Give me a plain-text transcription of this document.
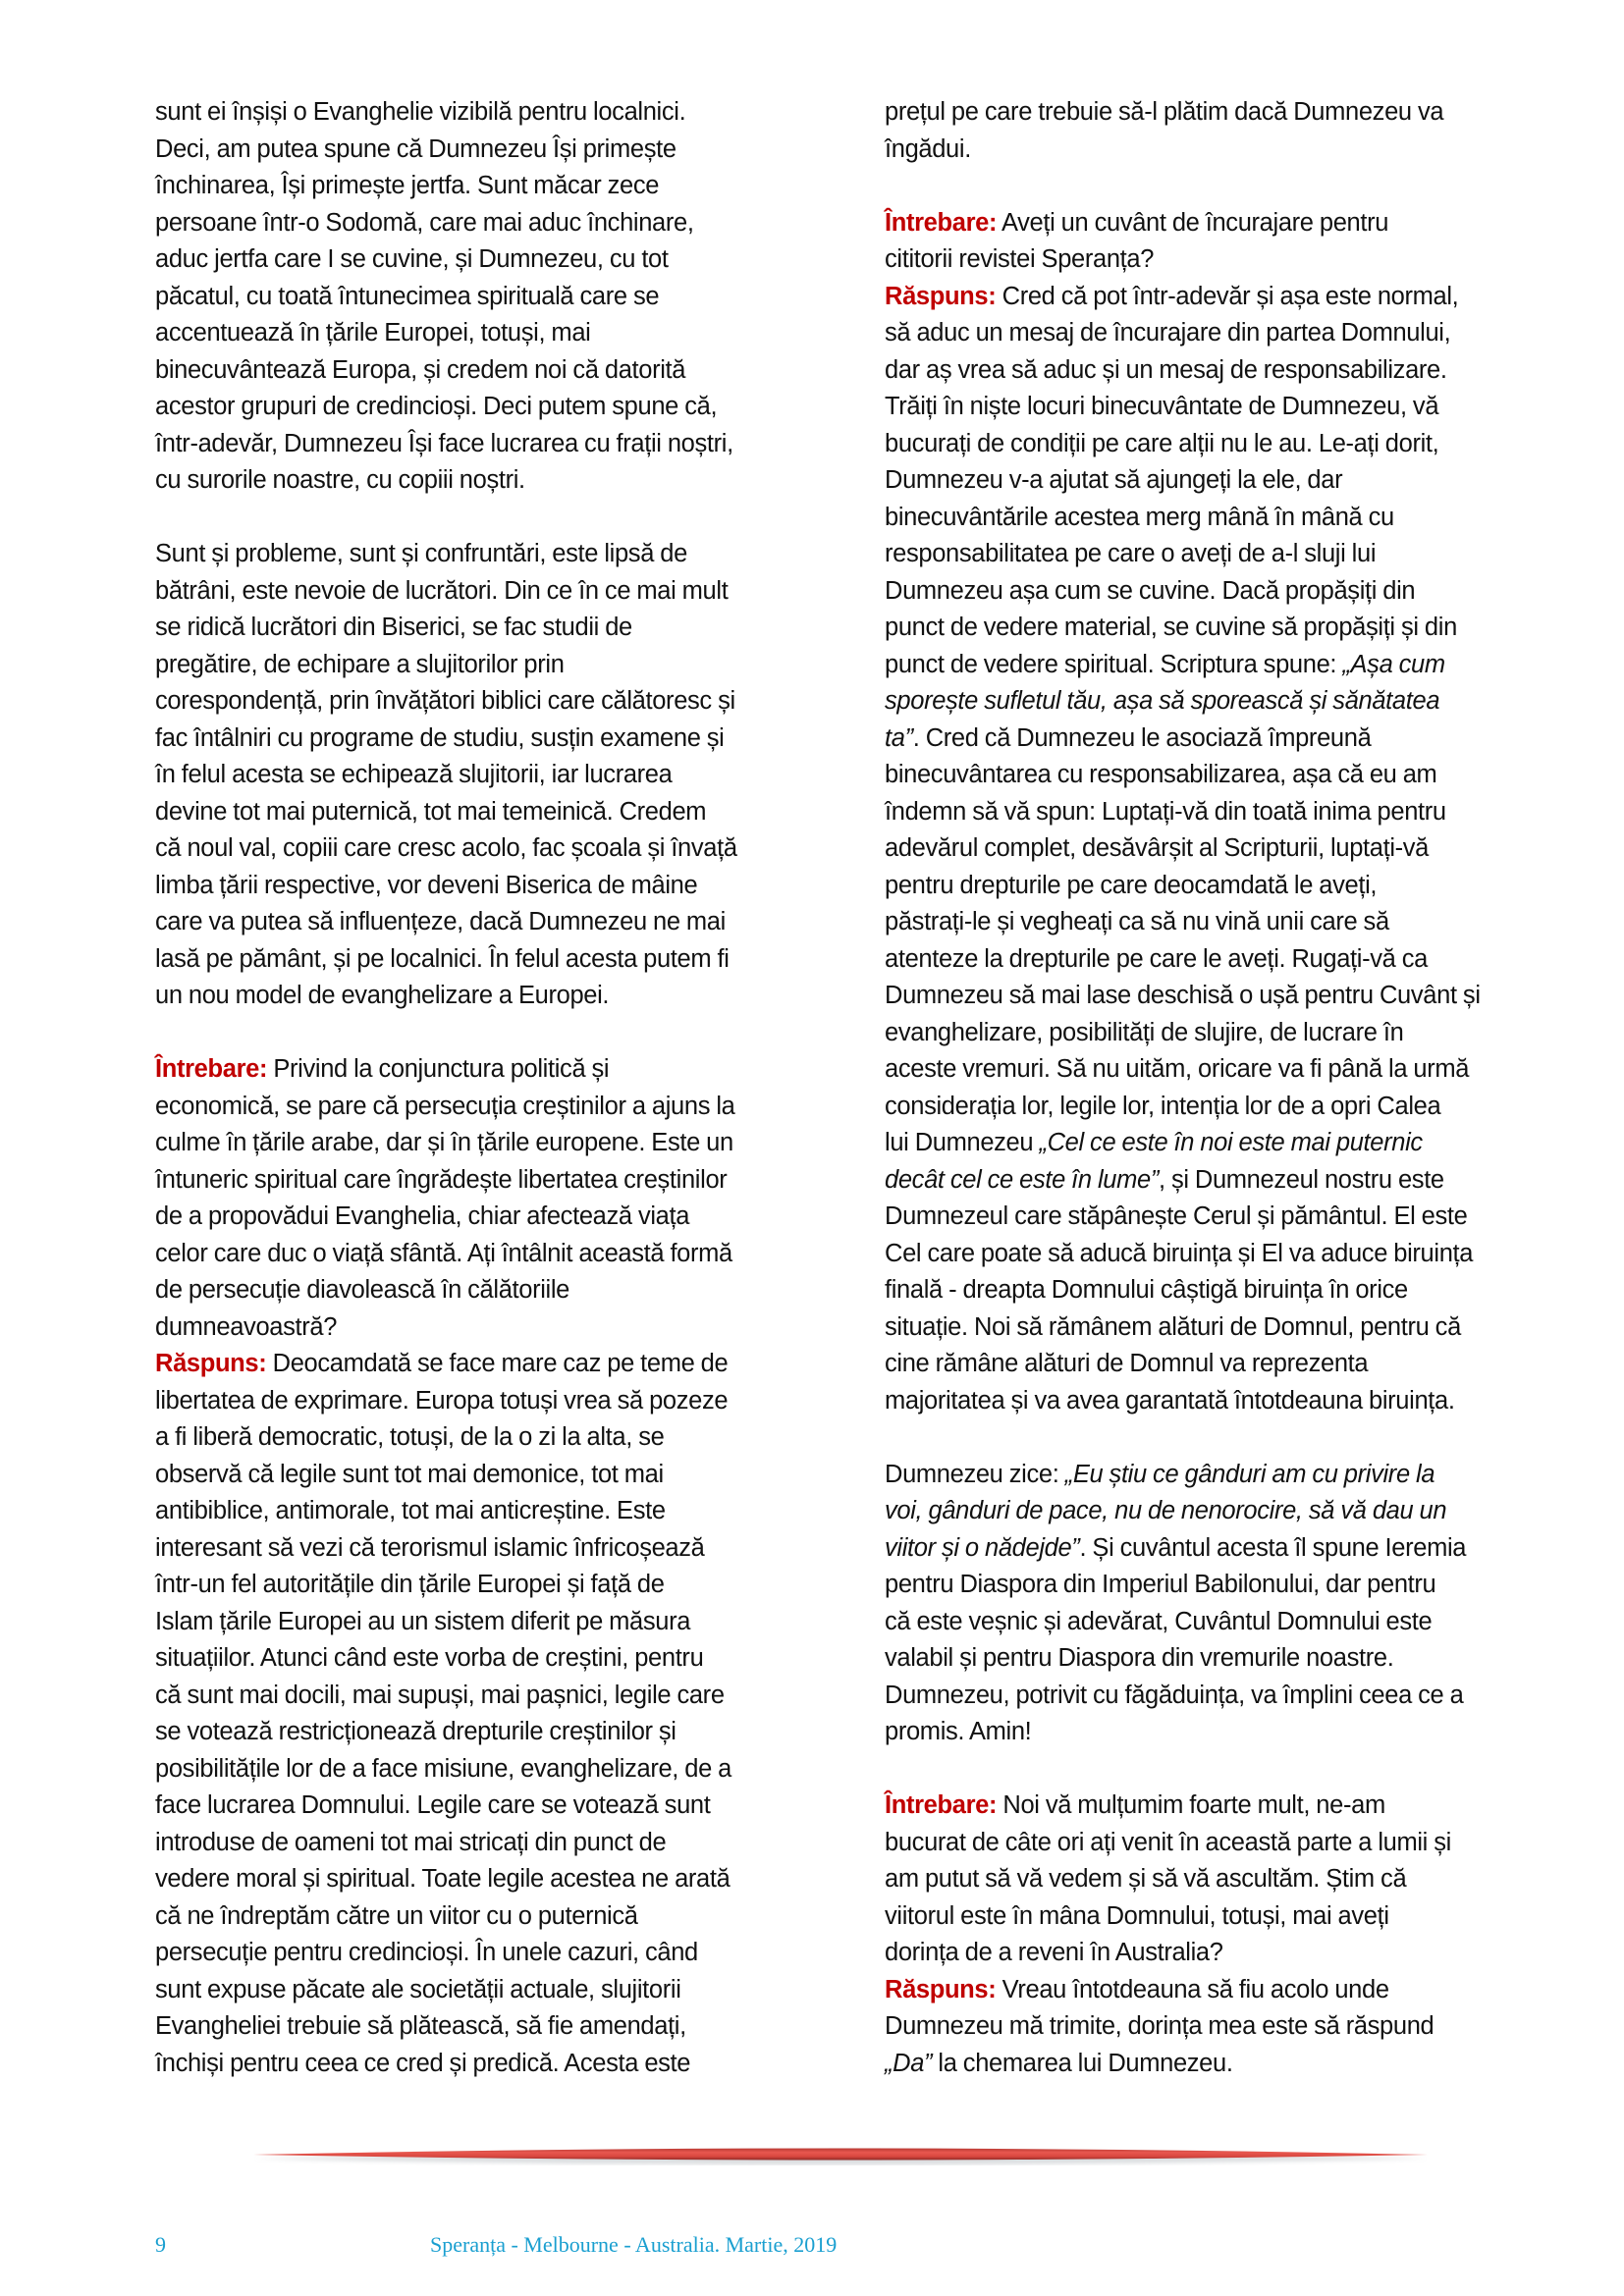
sunt ei înșiși o Evanghelie vizibilă pentru localnici.
Deci, am putea spune că Dumnezeu Își primește
închinarea, Își primește jertfa. Sunt măcar zece
persoane într-o Sodomă, care mai aduc închinare,
aduc jertfa care I se cuvine, și Dumnezeu, cu tot
păcatul, cu toată întunecimea spirituală care se
accentuează în țările Europei, totuși, mai
binecuvântează Europa, și credem noi că datorită
acestor grupuri de credincioși. Deci putem spune că,
într-adevăr, Dumnezeu Își face lucrarea cu frații noștri,
cu surorile noastre, cu copiii noștri.
Sunt și probleme, sunt și confruntări, este lipsă de
bătrâni, este nevoie de lucrători. Din ce în ce mai mult
se ridică lucrători din Biserici, se fac studii de
pregătire, de echipare a slujitorilor prin
corespondență, prin învățători biblici care călătoresc și
fac întâlniri cu programe de studiu, susțin examene și
în felul acesta se echipează slujitorii, iar lucrarea
devine tot mai puternică, tot mai temeinică. Credem
că noul val, copiii care cresc acolo, fac școala și învață
limba țării respective, vor deveni Biserica de mâine
care va putea să influențeze, dacă Dumnezeu ne mai
lasă pe pământ, și pe localnici. În felul acesta putem fi
un nou model de evanghelizare a Europei.
Întrebare: Privind la conjunctura politică și
economică, se pare că persecuția creștinilor a ajuns la
culme în țările arabe, dar și în țările europene. Este un
întuneric spiritual care îngrădește libertatea creștinilor
de a propovădui Evanghelia, chiar afectează viața
celor care duc o viață sfântă. Ați întâlnit această formă
de persecuție diavolească în călătoriile
dumneavoastră?
Răspuns: Deocamdată se face mare caz pe teme de
libertatea de exprimare. Europa totuși vrea să pozeze
a fi liberă democratic, totuși, de la o zi la alta, se
observă că legile sunt tot mai demonice, tot mai
antibiblice, antimorale, tot mai anticreștine. Este
interesant să vezi că terorismul islamic înfricoșează
într-un fel autoritățile din țările Europei și față de
Islam țările Europei au un sistem diferit pe măsura
situațiilor. Atunci când este vorba de creștini, pentru
că sunt mai docili, mai supuși, mai pașnici, legile care
se votează restricționează drepturile creștinilor și
posibilitățile lor de a face misiune, evanghelizare, de a
face lucrarea Domnului. Legile care se votează sunt
introduse de oameni tot mai stricați din punct de
vedere moral și spiritual. Toate legile acestea ne arată
că ne îndreptăm către un viitor cu o puternică
persecuție pentru credincioși. În unele cazuri, când
sunt expuse păcate ale societății actuale, slujitorii
Evangheliei trebuie să plătească, să fie amendați,
închiși pentru ceea ce cred și predică. Acesta este
prețul pe care trebuie să-l plătim dacă Dumnezeu va
îngădui.
Întrebare: Aveți un cuvânt de încurajare pentru
cititorii revistei Speranța?
Răspuns: Cred că pot într-adevăr și așa este normal,
să aduc un mesaj de încurajare din partea Domnului,
dar aș vrea să aduc și un mesaj de responsabilizare.
Trăiți în niște locuri binecuvântate de Dumnezeu, vă
bucurați de condiții pe care alții nu le au. Le-ați dorit,
Dumnezeu v-a ajutat să ajungeți la ele, dar
binecuvântările acestea merg mână în mână cu
responsabilitatea pe care o aveți de a-l sluji lui
Dumnezeu așa cum se cuvine. Dacă propășiți din
punct de vedere material, se cuvine să propășiți și din
punct de vedere spiritual. Scriptura spune: „Așa cum
sporește sufletul tău, așa să sporească și sănătatea
ta”. Cred că Dumnezeu le asociază împreună
binecuvântarea cu responsabilizarea, așa că eu am
îndemn să vă spun: Luptați-vă din toată inima pentru
adevărul complet, desăvârșit al Scripturii, luptați-vă
pentru drepturile pe care deocamdată le aveți,
păstrați-le și vegheați ca să nu vină unii care să
atenteze la drepturile pe care le aveți. Rugați-vă ca
Dumnezeu să mai lase deschisă o ușă pentru Cuvânt și
evanghelizare, posibilități de slujire, de lucrare în
aceste vremuri. Să nu uităm, oricare va fi până la urmă
considerația lor, legile lor, intenția lor de a opri Calea
lui Dumnezeu „Cel ce este în noi este mai puternic
decât cel ce este în lume”, și Dumnezeul nostru este
Dumnezeul care stăpânește Cerul și pământul. El este
Cel care poate să aducă biruința și El va aduce biruința
finală - dreapta Domnului câștigă biruința în orice
situație. Noi să rămânem alături de Domnul, pentru că
cine rămâne alături de Domnul va reprezenta
majoritatea și va avea garantată întotdeauna biruința.
Dumnezeu zice: „Eu știu ce gânduri am cu privire la
voi, gânduri de pace, nu de nenorocire, să vă dau un
viitor și o nădejde”. Și cuvântul acesta îl spune Ieremia
pentru Diaspora din Imperiul Babilonului, dar pentru
că este veșnic și adevărat, Cuvântul Domnului este
valabil și pentru Diaspora din vremurile noastre.
Dumnezeu, potrivit cu făgăduința, va împlini ceea ce a
promis. Amin!
Întrebare: Noi vă mulțumim foarte mult, ne-am
bucurat de câte ori ați venit în această parte a lumii și
am putut să vă vedem și să vă ascultăm. Știm că
viitorul este în mâna Domnului, totuși, mai aveți
dorința de a reveni în Australia?
Răspuns: Vreau întotdeauna să fiu acolo unde
Dumnezeu mă trimite, dorința mea este să răspund
„Da” la chemarea lui Dumnezeu.
9	Speranța - Melbourne - Australia. Martie, 2019
